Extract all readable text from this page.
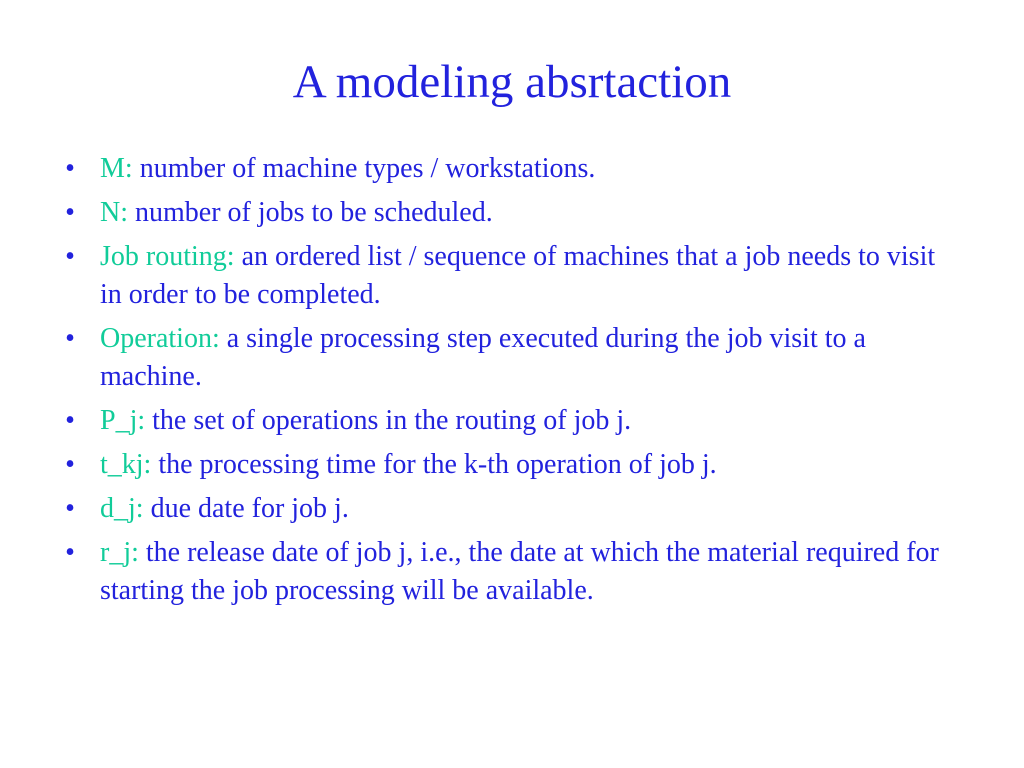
A modeling absrtaction
• M: number of machine types / workstations.
• N: number of jobs to be scheduled.
• Job routing: an ordered list / sequence of machines that a job needs to visit in order to be completed.
• Operation: a single processing step executed during the job visit to a machine.
• P_j: the set of operations in the routing of job j.
• t_kj: the processing time for the k-th operation of job j.
• d_j: due date for job j.
• r_j: the release date of job j, i.e., the date at which the material required for starting the job processing will be available.
